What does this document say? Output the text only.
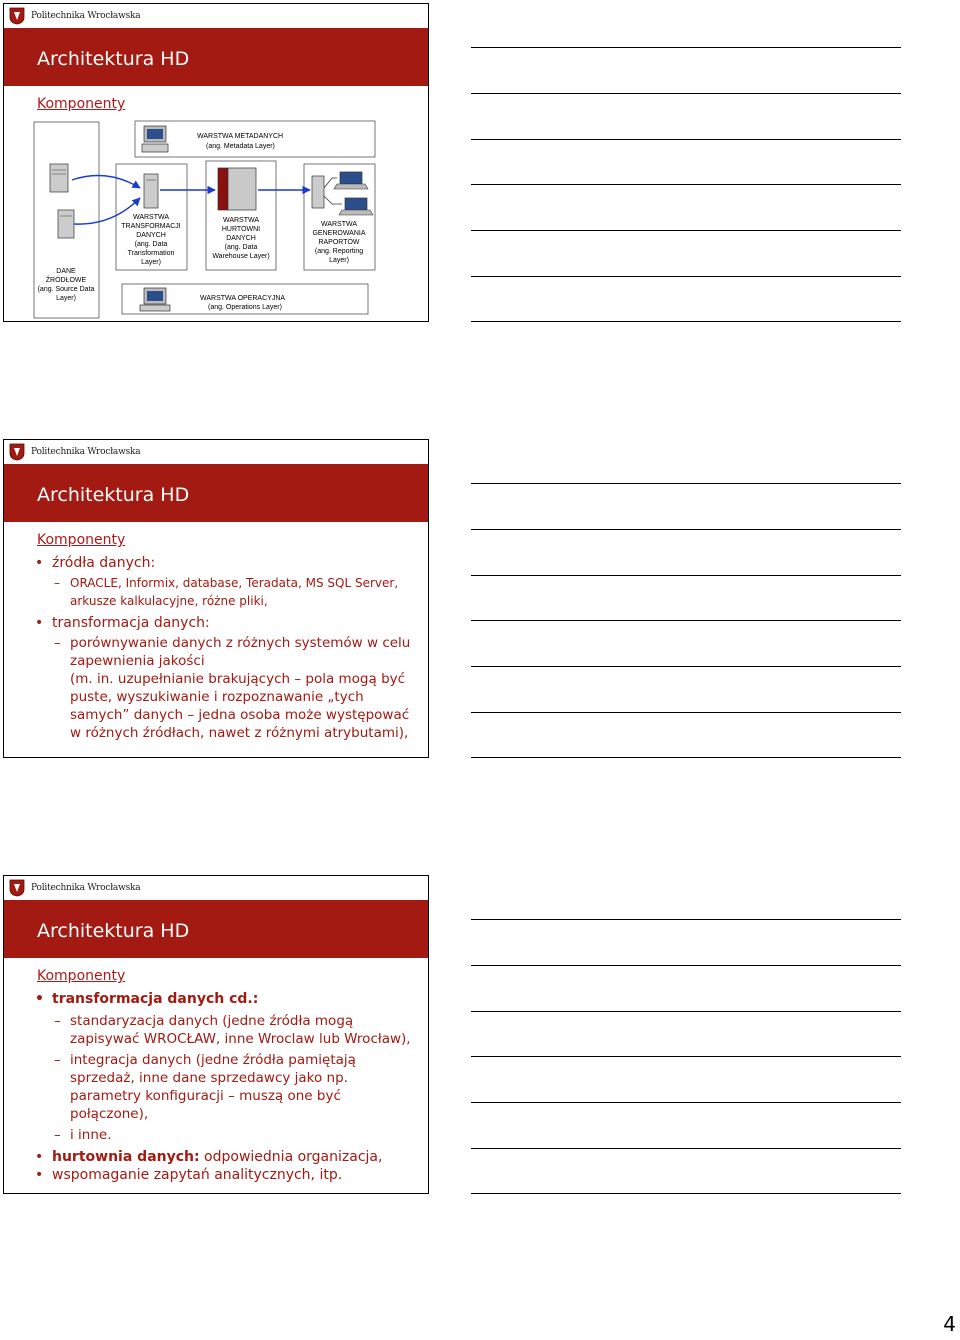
Politechnika Wrocławska
Architektura HD
Komponenty
WARSTWA METADANYCH
(ang. Metadata Layer)
DANE
ŹRÓDŁOWE
(ang. Source Data
Layer)
WARSTWA
TRANSFORMACJI
DANYCH
(ang. Data
Transformation
Layer)
WARSTWA
HURTOWNI
DANYCH
(ang. Data
Warehouse Layer)
WARSTWA
GENEROWANIA
RAPORTÓW
(ang. Reporting
Layer)
WARSTWA OPERACYJNA
(ang. Operations Layer)
Politechnika Wrocławska
Architektura HD
Komponenty
• źródła danych:
– ORACLE, Informix, database, Teradata, MS SQL Server,
arkusze kalkulacyjne, różne pliki,
• transformacja danych:
– porównywanie danych z różnych systemów w celu
zapewnienia jakości
(m. in. uzupełnianie brakujących – pola mogą być
puste, wyszukiwanie i rozpoznawanie „tych
samych” danych – jedna osoba może występować
w różnych źródłach, nawet z różnymi atrybutami),
Politechnika Wrocławska
Architektura HD
Komponenty
• transformacja danych cd.:
– standaryzacja danych (jedne źródła mogą
zapisywać WROCŁAW, inne Wroclaw lub Wrocław),
– integracja danych (jedne źródła pamiętają
sprzedaż, inne dane sprzedawcy jako np.
parametry konfiguracji – muszą one być
połączone),
– i inne.
• hurtownia danych: odpowiednia organizacja,
• wspomaganie zapytań analitycznych, itp.
4
